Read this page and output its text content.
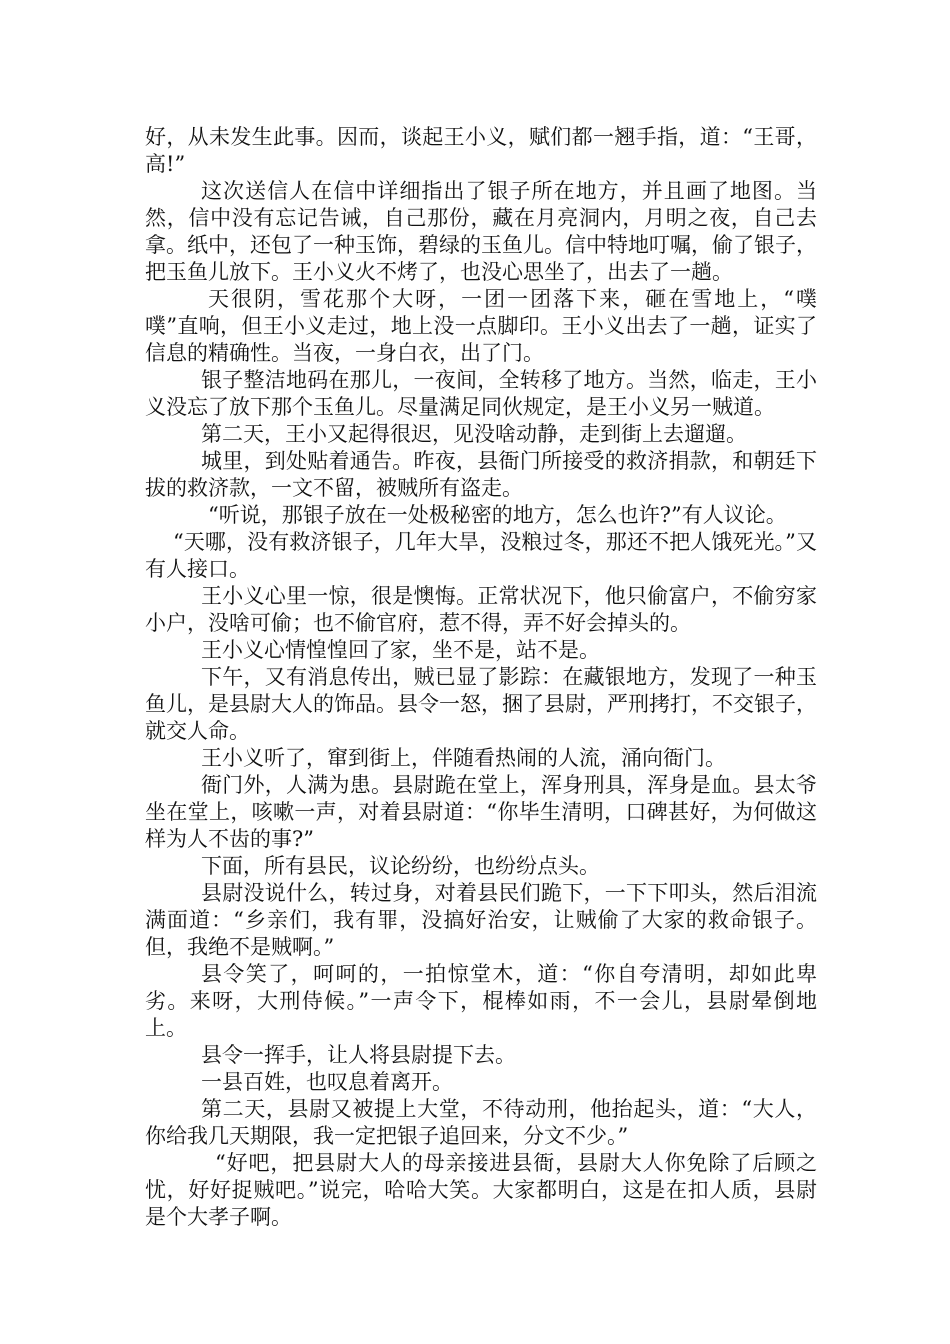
好，从未发生此事。因而，谈起王小义，赋们都一翘手指，道：“王哥，高!”

这次送信人在信中详细指出了银子所在地方，并且画了地图。当然，信中没有忘记告诫，自己那份，藏在月亮洞内，月明之夜，自己去拿。纸中，还包了一种玉饰，碧绿的玉鱼儿。信中特地叮嘱，偷了银子，把玉鱼儿放下。王小义火不烤了，也没心思坐了，出去了一趟。

天很阴，雪花那个大呀，一团一团落下来，砸在雪地上，“噗噗”直响，但王小义走过，地上没一点脚印。王小义出去了一趟，证实了信息的精确性。当夜，一身白衣，出了门。

银子整洁地码在那儿，一夜间，全转移了地方。当然，临走，王小义没忘了放下那个玉鱼儿。尽量满足同伙规定，是王小义另一贼道。

第二天，王小又起得很迟，见没啥动静，走到街上去遛遛。

城里，到处贴着通告。昨夜，县衙门所接受的救济捐款，和朝廷下拔的救济款，一文不留，被贼所有盗走。

“听说，那银子放在一处极秘密的地方，怎么也许?”有人议论。

“天哪，没有救济银子，几年大旱，没粮过冬，那还不把人饿死光。”又有人接口。

王小义心里一惊，很是懊悔。正常状况下，他只偷富户，不偷穷家小户，没啥可偷；也不偷官府，惹不得，弄不好会掉头的。

王小义心情惶惶回了家，坐不是，站不是。

下午，又有消息传出，贼已显了影踪：在藏银地方，发现了一种玉鱼儿，是县尉大人的饰品。县令一怒，捆了县尉，严刑拷打，不交银子，就交人命。

王小义听了，窜到街上，伴随看热闹的人流，涌向衙门。

衙门外，人满为患。县尉跪在堂上，浑身刑具，浑身是血。县太爷坐在堂上，咳嗽一声，对着县尉道：“你毕生清明，口碑甚好，为何做这样为人不齿的事?”

下面，所有县民，议论纷纷，也纷纷点头。

县尉没说什么，转过身，对着县民们跪下，一下下叩头，然后泪流满面道：“乡亲们，我有罪，没搞好治安，让贼偷了大家的救命银子。但，我绝不是贼啊。”

县令笑了，呵呵的，一拍惊堂木，道：“你自夸清明，却如此卑劣。来呀，大刑侍候。”一声令下，棍棒如雨，不一会儿，县尉晕倒地上。

县令一挥手，让人将县尉提下去。

一县百姓，也叹息着离开。

第二天，县尉又被提上大堂，不待动刑，他抬起头，道：“大人，你给我几天期限，我一定把银子追回来，分文不少。”

“好吧，把县尉大人的母亲接进县衙，县尉大人你免除了后顾之忧，好好捉贼吧。”说完，哈哈大笑。大家都明白，这是在扣人质，县尉是个大孝子啊。
